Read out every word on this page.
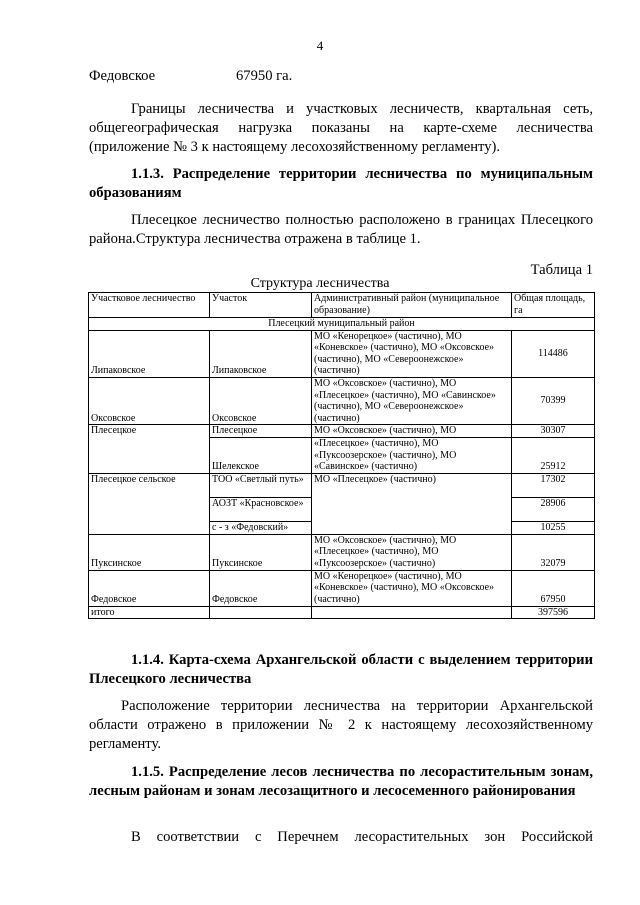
4
Федовское	67950 га.
Границы лесничества и участковых лесничеств, квартальная сеть, общегеографическая нагрузка показаны на карте-схеме лесничества (приложение № 3 к настоящему лесохозяйственному регламенту).
1.1.3. Распределение территории лесничества по муниципальным образованиям
Плесецкое лесничество полностью расположено в границах Плесецкого района.Структура лесничества отражена в таблице 1.
Таблица 1
Структура лесничества
Участковое лесничество	Участок	Административный район (муниципальное образование)	Общая площадь, га
Плесецкий муниципальный район			
Липаковское	Липаковское	МО «Кенорецкое» (частично), МО «Коневское» (частично), МО «Оксовское» (частично), МО «Североонежское» (частично)	114486
Оксовское	Оксовское	МО «Оксовское» (частично), МО «Плесецкое» (частично), МО «Савинское» (частично), МО «Североонежское» (частично)	70399
Плесецкое	Плесецкое	МО «Оксовское» (частично), МО	30307
	Шелекское	«Плесецкое» (частично), МО «Пуксоозерское» (частично), МО «Савинское» (частично)	25912
Плесецкое сельское	ТОО «Светлый путь»	МО «Плесецкое» (частично)	17302
	АОЗТ «Красновское»		28906
	с - з «Федовский»		10255
Пуксинское	Пуксинское	МО «Оксовское» (частично), МО «Плесецкое» (частично), МО «Пуксоозерское» (частично)	32079
Федовское	Федовское	МО «Кенорецкое» (частично), МО «Коневское» (частично), МО «Оксовское» (частично)	67950
итого			397596
1.1.4. Карта-схема Архангельской области с выделением территории Плесецкого лесничества
Расположение территории лесничества на территории Архангельской области отражено в приложении № 2 к настоящему лесохозяйственному регламенту.
1.1.5. Распределение лесов лесничества по лесорастительным зонам, лесным районам и зонам лесозащитного и лесосеменного районирования
В соответствии с Перечнем лесорастительных зон Российской
